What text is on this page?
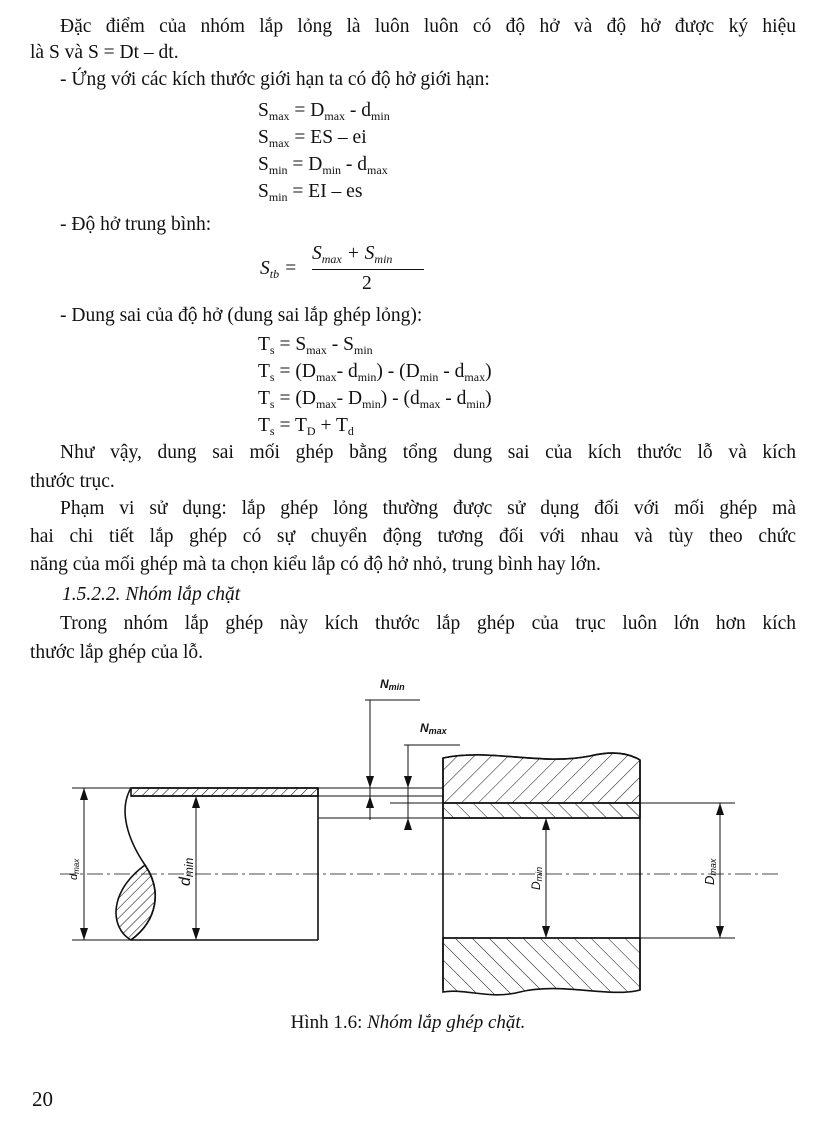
Đặc điểm của nhóm lắp lỏng là luôn luôn có độ hở và độ hở được ký hiệu
là S và S = Dt – dt.
- Ứng với các kích thước giới hạn ta có độ hở giới hạn:
$S_{max} = D_{max} - d_{min}$
$S_{max}$ = ES – ei
$S_{min} = D_{min} - d_{max}$
$S_{min}$ = EI – es
- Độ hở trung bình:
$S_{tb}$ =
$S_{max} + S_{min}$
2
- Dung sai của độ hở (dung sai lắp ghép lỏng):
$T_s = S_{max} - S_{min}$
$T_s = (D_{max}-$ $d_{min}) - (D_{min} - d_{max})$
$T_s = (D_{max}-$ $D_{min}) - (d_{max} - d_{min})$
$T_s = T_D + T_d$
Như vậy, dung sai mối ghép bằng tổng dung sai của kích thước lỗ và kích
thước trục.
Phạm vi sử dụng: lắp ghép lỏng thường được sử dụng đối với mối ghép mà
hai chi tiết lắp ghép có sự chuyển động tương đối với nhau và tùy theo chức
năng của mối ghép mà ta chọn kiểu lắp có độ hở nhỏ, trung bình hay lớn.
1.5.2.2. Nhóm lắp chặt
Trong nhóm lắp ghép này kích thước lắp ghép của trục luôn lớn hơn kích
thước lắp ghép của lỗ.
Nmin
Nmax
dmax
dmin
Dmin	Dmax
Hình 1.6: Nhóm lắp ghép chặt.
20
